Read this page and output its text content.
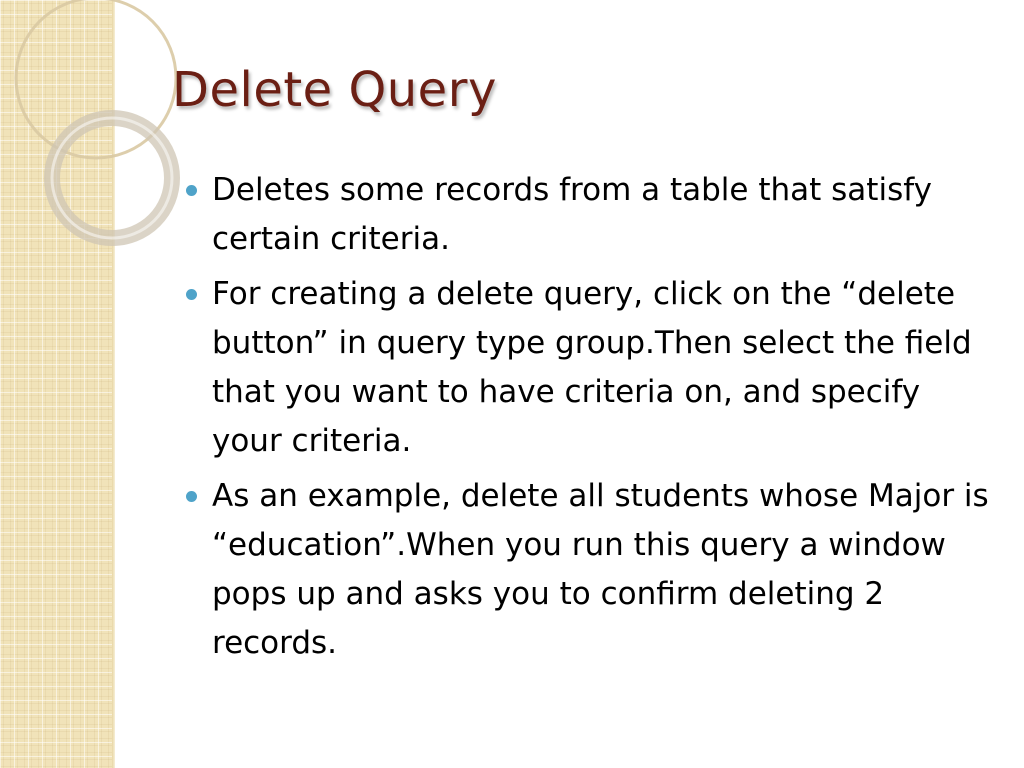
Delete Query
Deletes some records from a table that satisfy certain criteria.
For creating a delete query, click on the “delete button” in query type group.Then select the field that you want to have criteria on, and specify your criteria.
As an example, delete all students whose Major is “education”.When you run this query a window pops up and asks you to confirm deleting 2 records.
